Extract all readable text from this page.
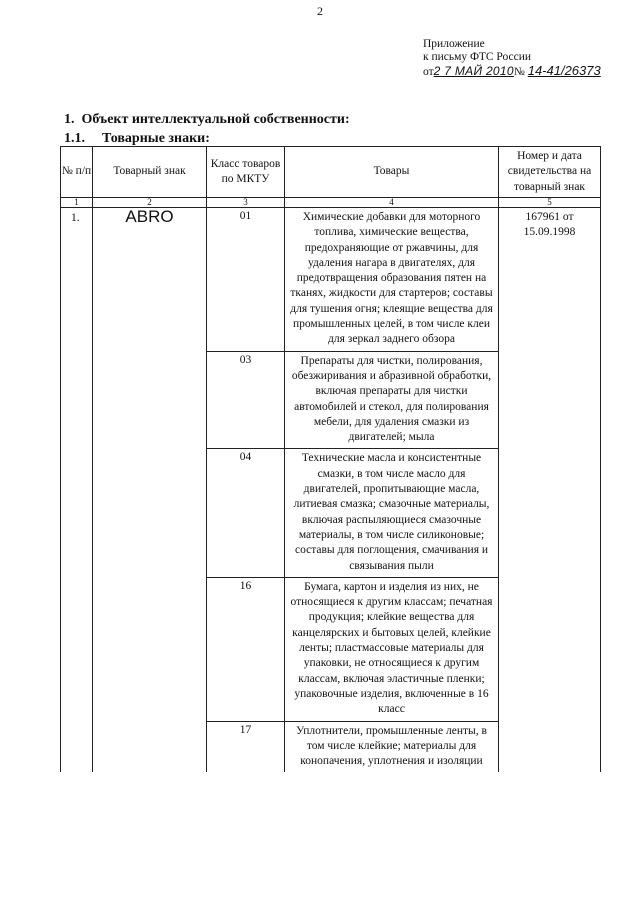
2
Приложение
к письму ФТС России
от2 7 МАЙ 2010№ 14-41/26373
1. Объект интеллектуальной собственности:
1.1. Товарные знаки:
№ п/п	Товарный знак	Класс товаров по МКТУ	Товары	Номер и дата свидетельства на товарный знак
1	2	3	4	5
1.	ABRO	01	Химические добавки для моторного топлива, химические вещества, предохраняющие от ржавчины, для удаления нагара в двигателях, для предотвращения образования пятен на тканях, жидкости для стартеров; составы для тушения огня; клеящие вещества для промышленных целей, в том числе клеи для зеркал заднего обзора	167961 от 15.09.1998
		03	Препараты для чистки, полирования, обезжиривания и абразивной обработки, включая препараты для чистки автомобилей и стекол, для полирования мебели, для удаления смазки из двигателей; мыла	
		04	Технические масла и консистентные смазки, в том числе масло для двигателей, пропитывающие масла, литиевая смазка; смазочные материалы, включая распыляющиеся смазочные материалы, в том числе силиконовые; составы для поглощения, смачивания и связывания пыли	
		16	Бумага, картон и изделия из них, не относящиеся к другим классам; печатная продукция; клейкие вещества для канцелярских и бытовых целей, клейкие ленты; пластмассовые материалы для упаковки, не относящиеся к другим классам, включая эластичные пленки; упаковочные изделия, включенные в 16 класс	
		17	Уплотнители, промышленные ленты, в том числе клейкие; материалы для конопачения, уплотнения и изоляции	
